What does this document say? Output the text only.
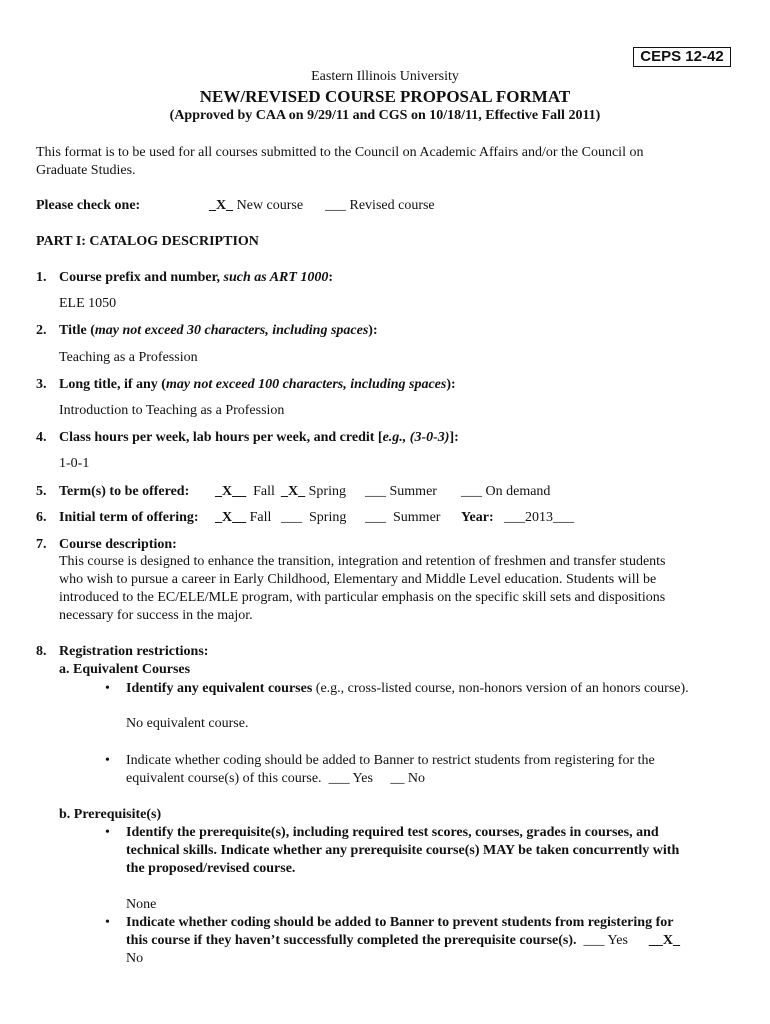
CEPS 12-42
Eastern Illinois University
NEW/REVISED COURSE PROPOSAL FORMAT
(Approved by CAA on 9/29/11 and CGS on 10/18/11, Effective Fall 2011)
This format is to be used for all courses submitted to the Council on Academic Affairs and/or the Council on
Graduate Studies.
Please check one:	_X_ New course ___ Revised course
PART I: CATALOG DESCRIPTION
1. Course prefix and number, such as ART 1000:
ELE 1050
2. Title (may not exceed 30 characters, including spaces):
Teaching as a Profession
3. Long title, if any (may not exceed 100 characters, including spaces):
Introduction to Teaching as a Profession
4. Class hours per week, lab hours per week, and credit [e.g., (3-0-3)]:
1-0-1
5. Term(s) to be offered: _X__ Fall _X_ Spring ___ Summer ___ On demand
6. Initial term of offering: _X__ Fall ___ Spring ___ Summer Year: ___2013___
7. Course description:
This course is designed to enhance the transition, integration and retention of freshmen and transfer students
who wish to pursue a career in Early Childhood, Elementary and Middle Level education. Students will be
introduced to the EC/ELE/MLE program, with particular emphasis on the specific skill sets and dispositions
necessary for success in the major.
8. Registration restrictions:
a. Equivalent Courses
• Identify any equivalent courses (e.g., cross-listed course, non-honors version of an honors course).
No equivalent course.
• Indicate whether coding should be added to Banner to restrict students from registering for the
equivalent course(s) of this course. ___ Yes __ No
b. Prerequisite(s)
• Identify the prerequisite(s), including required test scores, courses, grades in courses, and
technical skills. Indicate whether any prerequisite course(s) MAY be taken concurrently with
the proposed/revised course.
None
• Indicate whether coding should be added to Banner to prevent students from registering for
this course if they haven’t successfully completed the prerequisite course(s). ___ Yes __X_
No
